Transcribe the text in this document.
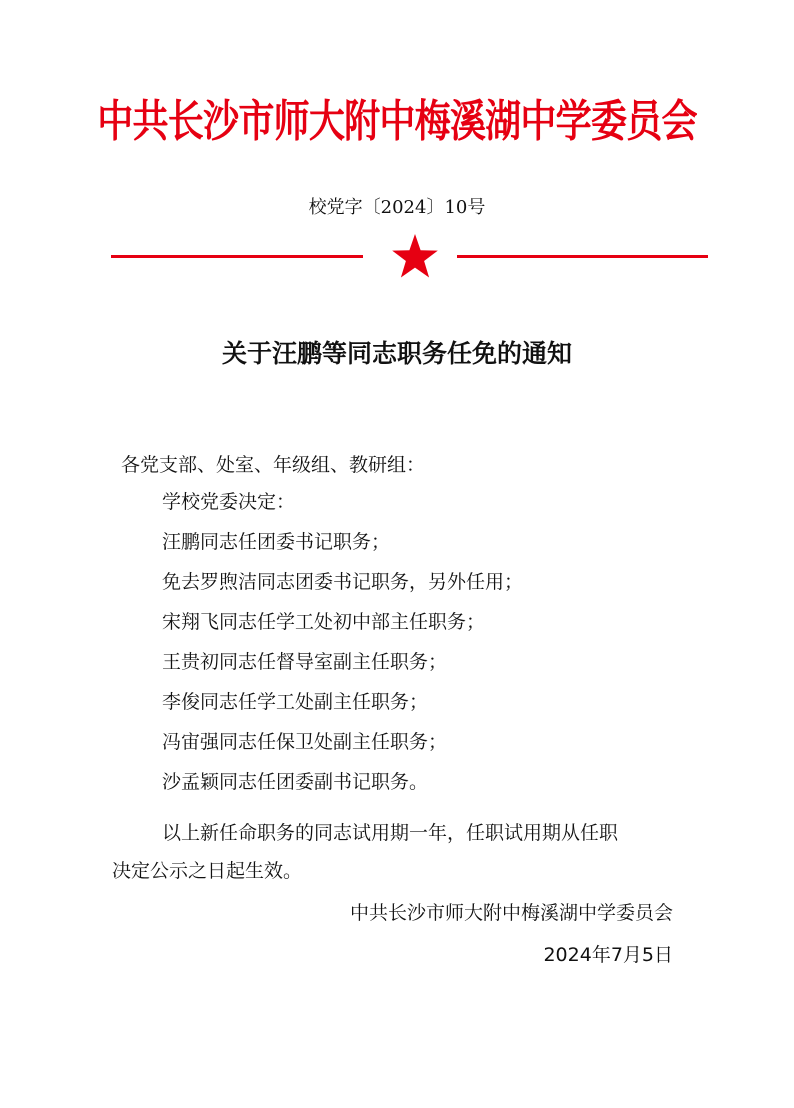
中共长沙市师大附中梅溪湖中学委员会
校党字〔2024〕10号
关于汪鹏等同志职务任免的通知
各党支部、处室、年级组、教研组：
学校党委决定：
汪鹏同志任团委书记职务；
免去罗煦洁同志团委书记职务，另外任用；
宋翔飞同志任学工处初中部主任职务；
王贵初同志任督导室副主任职务；
李俊同志任学工处副主任职务；
冯宙强同志任保卫处副主任职务；
沙孟颖同志任团委副书记职务。
以上新任命职务的同志试用期一年，任职试用期从任职
决定公示之日起生效。
中共长沙市师大附中梅溪湖中学委员会
2024年7月5日
